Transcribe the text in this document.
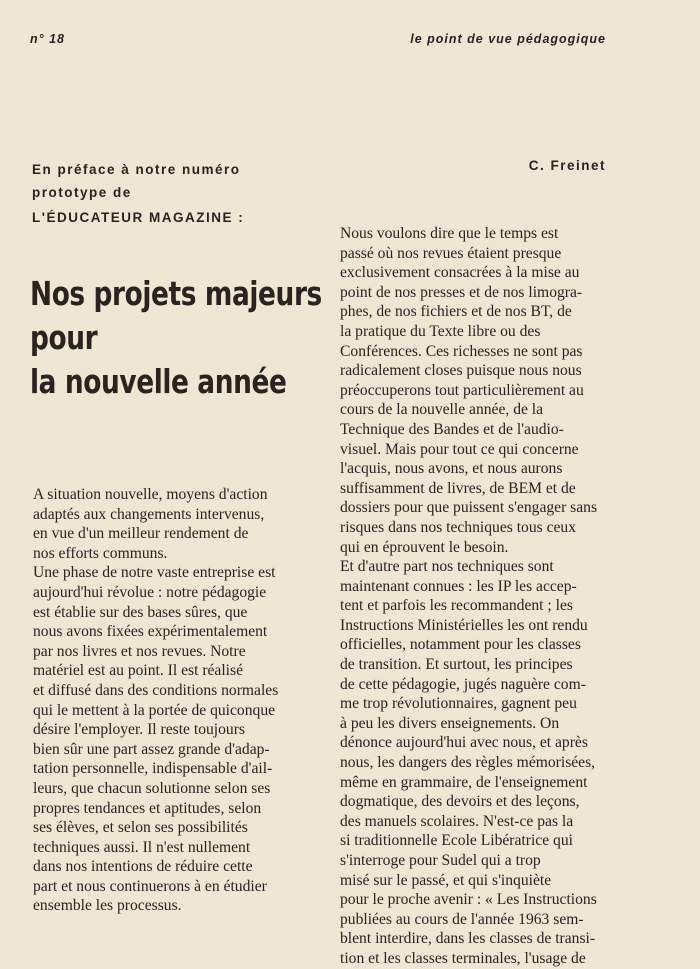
n° 18	le point de vue pédagogique
En préface à notre numéro
prototype de
L'ÉDUCATEUR MAGAZINE :
C. Freinet
Nos projets majeurs
pour
la nouvelle année
A situation nouvelle, moyens d'action
adaptés aux changements intervenus,
en vue d'un meilleur rendement de
nos efforts communs.
Une phase de notre vaste entreprise est
aujourd'hui révolue : notre pédagogie
est établie sur des bases sûres, que
nous avons fixées expérimentalement
par nos livres et nos revues. Notre
matériel est au point. Il est réalisé
et diffusé dans des conditions normales
qui le mettent à la portée de quiconque
désire l'employer. Il reste toujours
bien sûr une part assez grande d'adap-
tation personnelle, indispensable d'ail-
leurs, que chacun solutionne selon ses
propres tendances et aptitudes, selon
ses élèves, et selon ses possibilités
techniques aussi. Il n'est nullement
dans nos intentions de réduire cette
part et nous continuerons à en étudier
ensemble les processus.
Nous voulons dire que le temps est
passé où nos revues étaient presque
exclusivement consacrées à la mise au
point de nos presses et de nos limogra-
phes, de nos fichiers et de nos BT, de
la pratique du Texte libre ou des
Conférences. Ces richesses ne sont pas
radicalement closes puisque nous nous
préoccuperons tout particulièrement au
cours de la nouvelle année, de la
Technique des Bandes et de l'audio-
visuel. Mais pour tout ce qui concerne
l'acquis, nous avons, et nous aurons
suffisamment de livres, de BEM et de
dossiers pour que puissent s'engager sans
risques dans nos techniques tous ceux
qui en éprouvent le besoin.
Et d'autre part nos techniques sont
maintenant connues : les IP les accep-
tent et parfois les recommandent ; les
Instructions Ministérielles les ont rendu
officielles, notamment pour les classes
de transition. Et surtout, les principes
de cette pédagogie, jugés naguère com-
me trop révolutionnaires, gagnent peu
à peu les divers enseignements. On
dénonce aujourd'hui avec nous, et après
nous, les dangers des règles mémorisées,
même en grammaire, de l'enseignement
dogmatique, des devoirs et des leçons,
des manuels scolaires. N'est-ce pas la
si traditionnelle Ecole Libératrice qui
s'interroge pour Sudel qui a trop
misé sur le passé, et qui s'inquiète
pour le proche avenir : « Les Instructions
publiées au cours de l'année 1963 sem-
blent interdire, dans les classes de transi-
tion et les classes terminales, l'usage de
